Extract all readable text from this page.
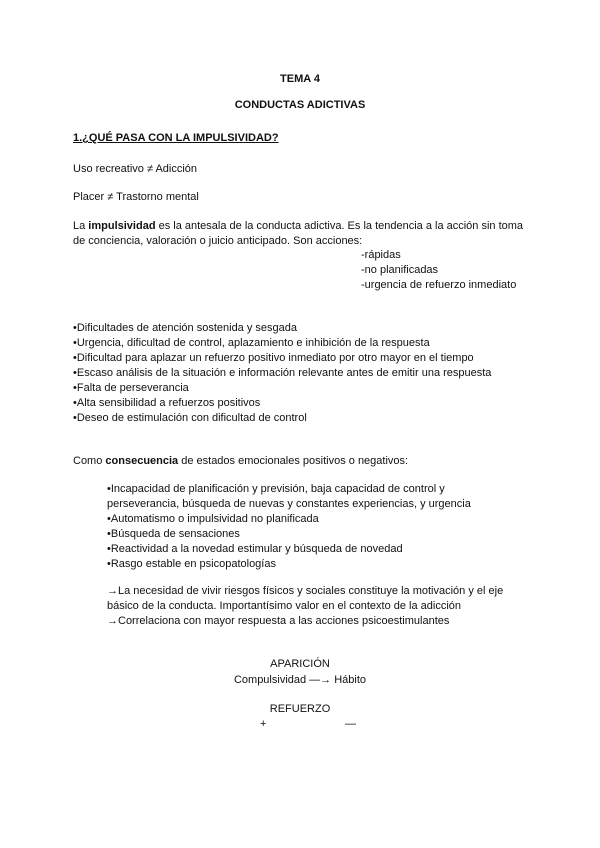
TEMA 4
CONDUCTAS ADICTIVAS
1.¿QUÉ PASA CON LA IMPULSIVIDAD?
Uso recreativo ≠ Adicción
Placer ≠ Trastorno mental
La impulsividad es la antesala de la conducta adictiva. Es la tendencia a la acción sin toma de conciencia, valoración o juicio anticipado. Son acciones:
-rápidas
-no planificadas
-urgencia de refuerzo inmediato
• Dificultades de atención sostenida y sesgada
• Urgencia, dificultad de control, aplazamiento e inhibición de la respuesta
• Dificultad para aplazar un refuerzo positivo inmediato por otro mayor en el tiempo
• Escaso análisis de la situación e información relevante antes de emitir una respuesta
• Falta de perseverancia
• Alta sensibilidad a refuerzos positivos
• Deseo de estimulación con dificultad de control
Como consecuencia de estados emocionales positivos o negativos:
• Incapacidad de planificación y previsión, baja capacidad de control y perseverancia, búsqueda de nuevas y constantes experiencias, y urgencia
• Automatismo o impulsividad no planificada
• Búsqueda de sensaciones
• Reactividad a la novedad estimular y búsqueda de novedad
• Rasgo estable en psicopatologías
→La necesidad de vivir riesgos físicos y sociales constituye la motivación y el eje básico de la conducta. Importantísimo valor en el contexto de la adicción
→Correlaciona con mayor respuesta a las acciones psicoestimulantes
APARICIÓN
Compulsividad —→ Hábito
REFUERZO
+	—
